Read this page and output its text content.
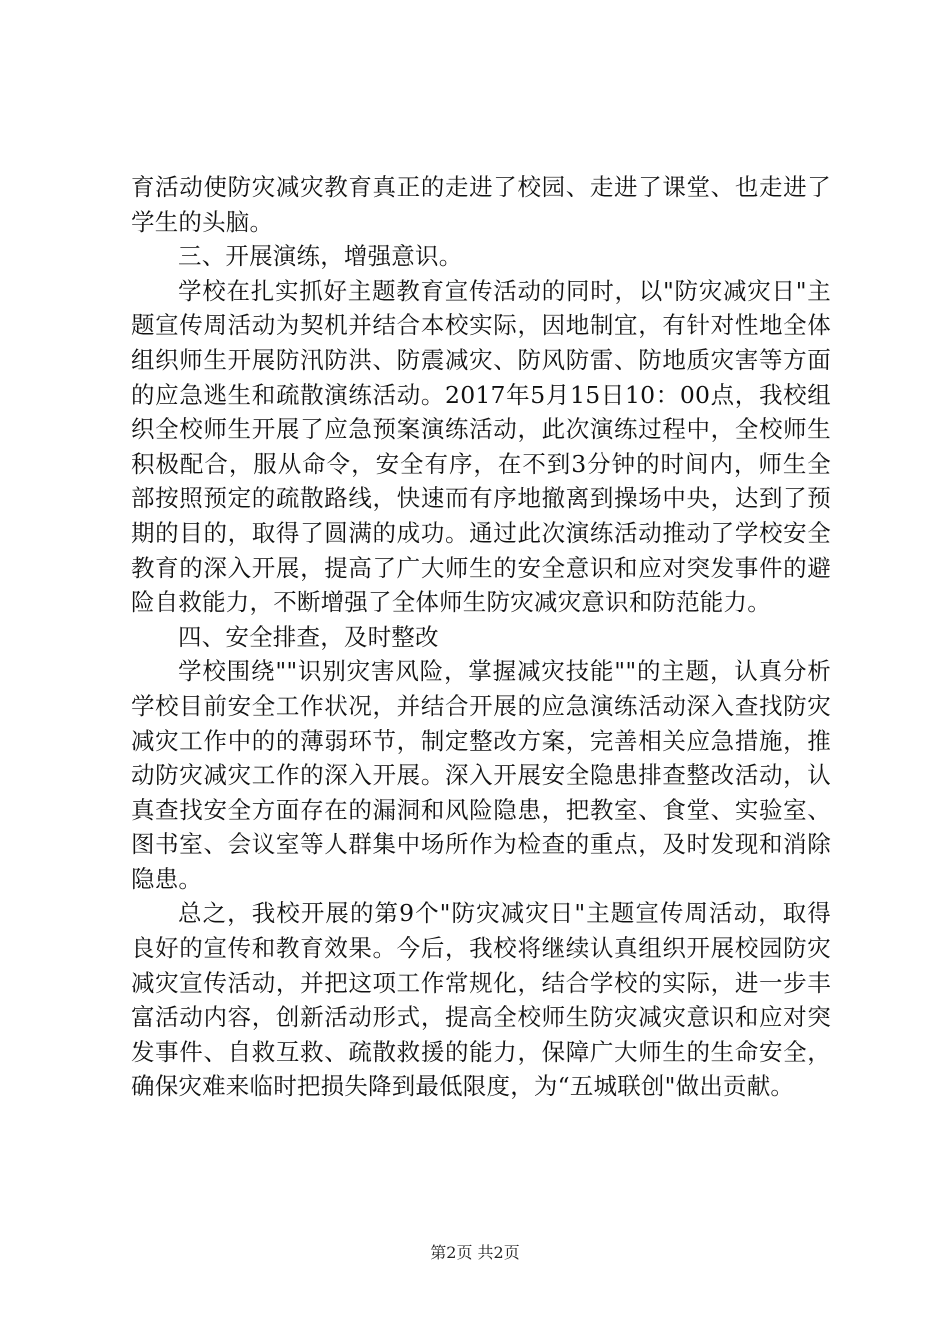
育活动使防灾减灾教育真正的走进了校园、走进了课堂、也走进了学生的头脑。

三、开展演练，增强意识。

学校在扎实抓好主题教育宣传活动的同时，以"防灾减灾日"主题宣传周活动为契机并结合本校实际，因地制宜，有针对性地全体组织师生开展防汛防洪、防震减灾、防风防雷、防地质灾害等方面的应急逃生和疏散演练活动。2017年5月15日10：00点，我校组织全校师生开展了应急预案演练活动，此次演练过程中，全校师生积极配合，服从命令，安全有序，在不到3分钟的时间内，师生全部按照预定的疏散路线，快速而有序地撤离到操场中央，达到了预期的目的，取得了圆满的成功。通过此次演练活动推动了学校安全教育的深入开展，提高了广大师生的安全意识和应对突发事件的避险自救能力，不断增强了全体师生防灾减灾意识和防范能力。

四、安全排查，及时整改

学校围绕""识别灾害风险，掌握减灾技能""的主题，认真分析学校目前安全工作状况，并结合开展的应急演练活动深入查找防灾减灾工作中的的薄弱环节，制定整改方案，完善相关应急措施，推动防灾减灾工作的深入开展。深入开展安全隐患排查整改活动，认真查找安全方面存在的漏洞和风险隐患，把教室、食堂、实验室、图书室、会议室等人群集中场所作为检查的重点，及时发现和消除隐患。

总之，我校开展的第9个"防灾减灾日"主题宣传周活动，取得良好的宣传和教育效果。今后，我校将继续认真组织开展校园防灾减灾宣传活动，并把这项工作常规化，结合学校的实际，进一步丰富活动内容，创新活动形式，提高全校师生防灾减灾意识和应对突发事件、自救互救、疏散救援的能力，保障广大师生的生命安全，确保灾难来临时把损失降到最低限度，为“五城联创"做出贡献。

第2页 共2页
